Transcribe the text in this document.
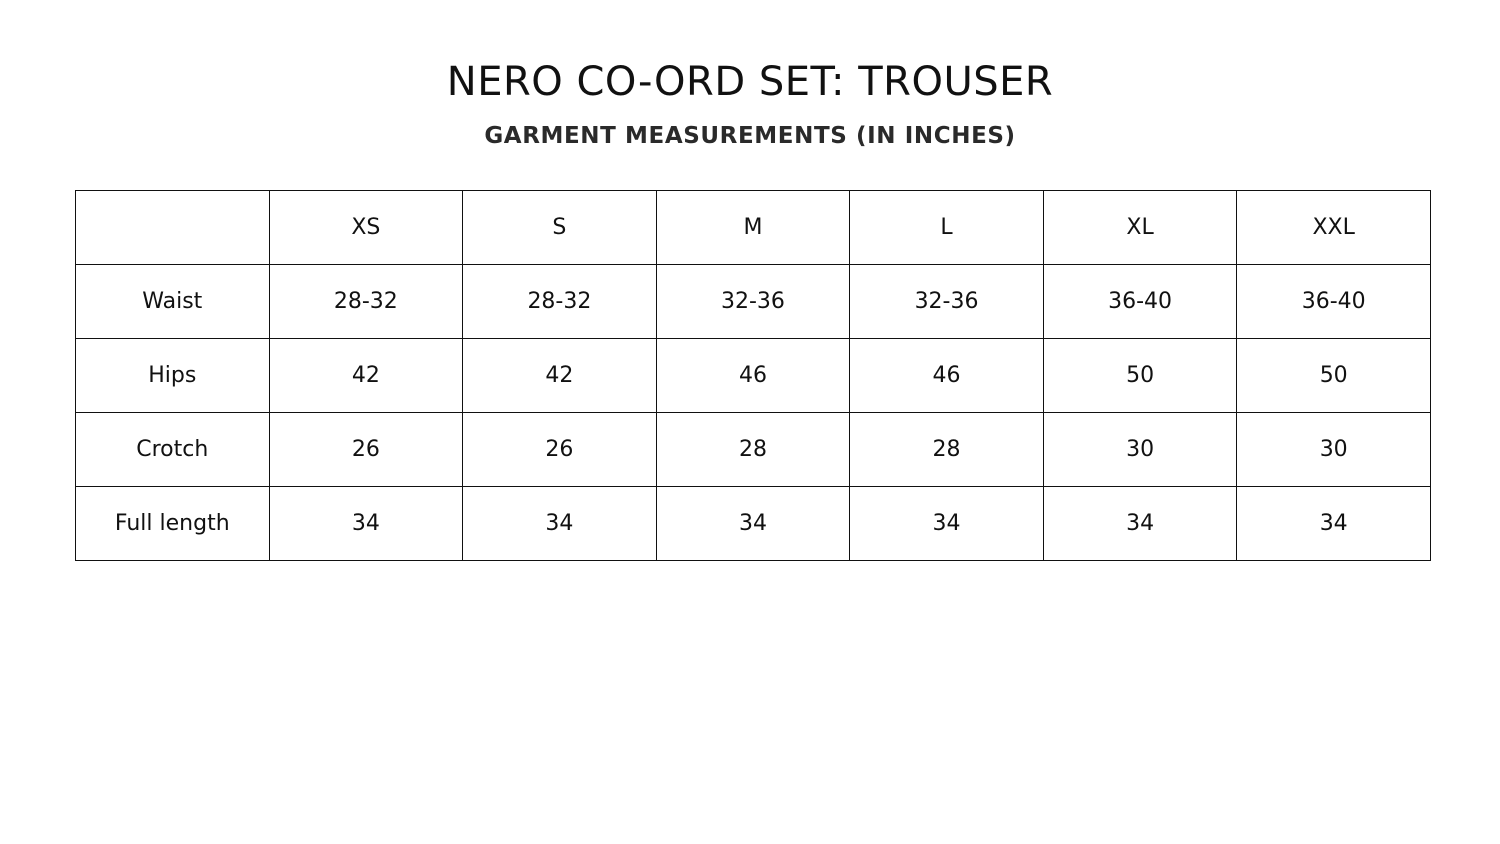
NERO CO-ORD SET: TROUSER
GARMENT MEASUREMENTS (IN INCHES)
	XS	S	M	L	XL	XXL
Waist	28-32	28-32	32-36	32-36	36-40	36-40
Hips	42	42	46	46	50	50
Crotch	26	26	28	28	30	30
Full length	34	34	34	34	34	34
